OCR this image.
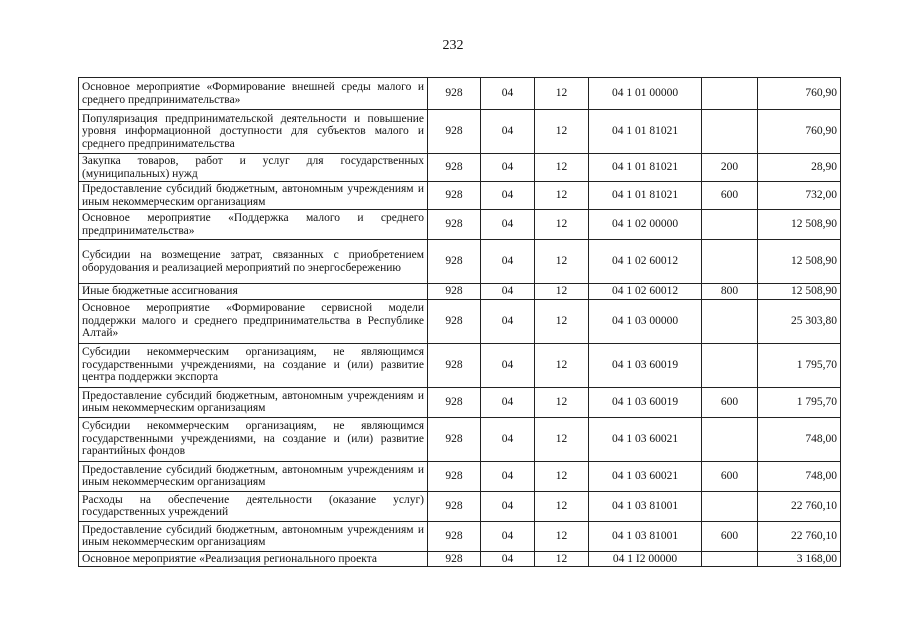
232
Основное мероприятие «Формирование внешней среды малого и среднего предпринимательства»	928	04	12	04 1 01 00000		760,90
Популяризация предпринимательской деятельности и повышение уровня информационной доступности для субъектов малого и среднего предпринимательства	928	04	12	04 1 01 81021		760,90
Закупка товаров, работ и услуг для государственных (муниципальных) нужд	928	04	12	04 1 01 81021	200	28,90
Предоставление субсидий бюджетным, автономным учреждениям и иным некоммерческим организациям	928	04	12	04 1 01 81021	600	732,00
Основное мероприятие «Поддержка малого и среднего предпринимательства»	928	04	12	04 1 02 00000		12 508,90
Субсидии на возмещение затрат, связанных с приобретением оборудования и реализацией мероприятий по энергосбережению	928	04	12	04 1 02 60012		12 508,90
Иные бюджетные ассигнования	928	04	12	04 1 02 60012	800	12 508,90
Основное мероприятие «Формирование сервисной модели поддержки малого и среднего предпринимательства в Республике Алтай»	928	04	12	04 1 03 00000		25 303,80
Субсидии некоммерческим организациям, не являющимся государственными учреждениями, на создание и (или) развитие центра поддержки экспорта	928	04	12	04 1 03 60019		1 795,70
Предоставление субсидий бюджетным, автономным учреждениям и иным некоммерческим организациям	928	04	12	04 1 03 60019	600	1 795,70
Субсидии некоммерческим организациям, не являющимся государственными учреждениями, на создание и (или) развитие гарантийных фондов	928	04	12	04 1 03 60021		748,00
Предоставление субсидий бюджетным, автономным учреждениям и иным некоммерческим организациям	928	04	12	04 1 03 60021	600	748,00
Расходы на обеспечение деятельности (оказание услуг) государственных учреждений	928	04	12	04 1 03 81001		22 760,10
Предоставление субсидий бюджетным, автономным учреждениям и иным некоммерческим организациям	928	04	12	04 1 03 81001	600	22 760,10
Основное мероприятие «Реализация регионального проекта	928	04	12	04 1 I2 00000		3 168,00
